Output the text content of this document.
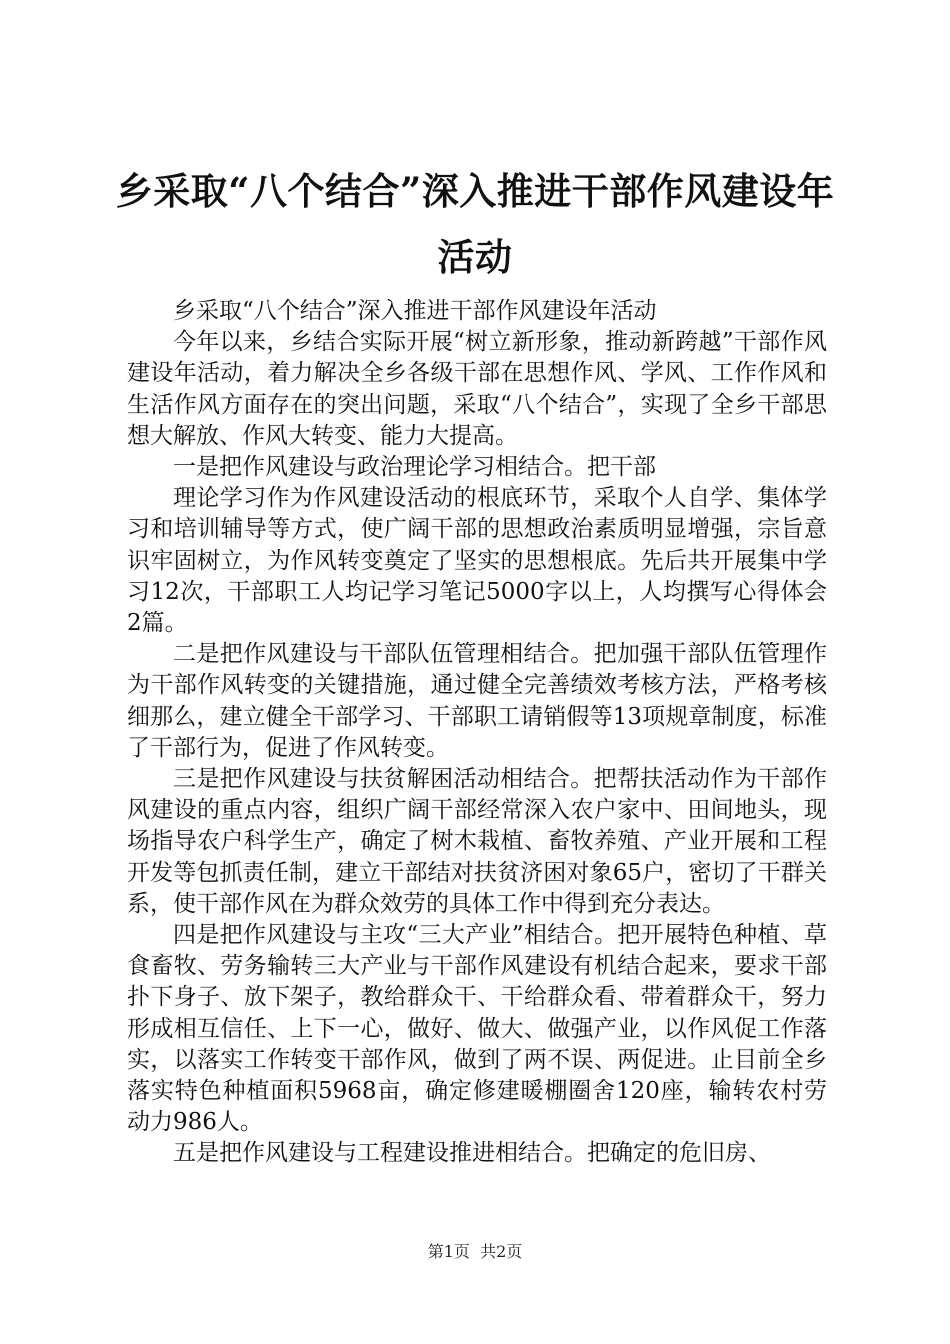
乡采取“八个结合”深入推进干部作风建设年活动

乡采取“八个结合”深入推进干部作风建设年活动

今年以来，乡结合实际开展“树立新形象，推动新跨越”干部作风建设年活动，着力解决全乡各级干部在思想作风、学风、工作作风和生活作风方面存在的突出问题，采取“八个结合”，实现了全乡干部思想大解放、作风大转变、能力大提高。

一是把作风建设与政治理论学习相结合。把干部

理论学习作为作风建设活动的根底环节，采取个人自学、集体学习和培训辅导等方式，使广阔干部的思想政治素质明显增强，宗旨意识牢固树立，为作风转变奠定了坚实的思想根底。先后共开展集中学习12次，干部职工人均记学习笔记5000字以上，人均撰写心得体会2篇。

二是把作风建设与干部队伍管理相结合。把加强干部队伍管理作为干部作风转变的关键措施，通过健全完善绩效考核方法，严格考核细那么，建立健全干部学习、干部职工请销假等13项规章制度，标准了干部行为，促进了作风转变。

三是把作风建设与扶贫解困活动相结合。把帮扶活动作为干部作风建设的重点内容，组织广阔干部经常深入农户家中、田间地头，现场指导农户科学生产，确定了树木栽植、畜牧养殖、产业开展和工程开发等包抓责任制，建立干部结对扶贫济困对象65户，密切了干群关系，使干部作风在为群众效劳的具体工作中得到充分表达。

四是把作风建设与主攻“三大产业”相结合。把开展特色种植、草食畜牧、劳务输转三大产业与干部作风建设有机结合起来，要求干部扑下身子、放下架子，教给群众干、干给群众看、带着群众干，努力形成相互信任、上下一心，做好、做大、做强产业，以作风促工作落实，以落实工作转变干部作风，做到了两不误、两促进。止目前全乡落实特色种植面积5968亩，确定修建暖棚圈舍120座，输转农村劳动力986人。

五是把作风建设与工程建设推进相结合。把确定的危旧房、

第1页 共2页
